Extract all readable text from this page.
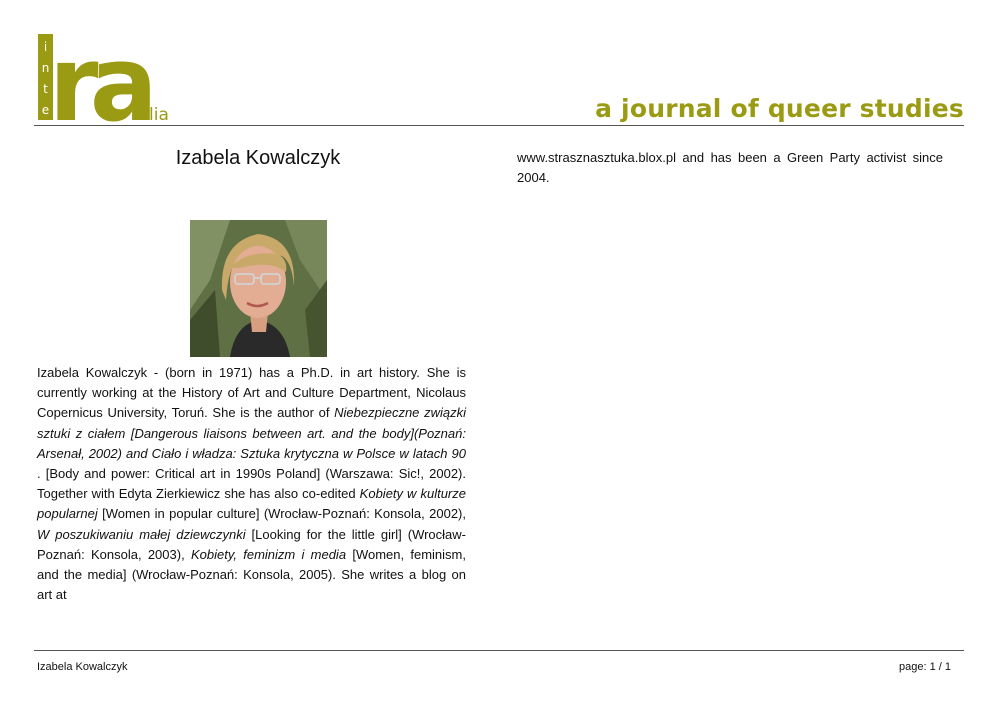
i
n
t
e ra lia	a journal of queer studies
Izabela Kowalczyk

Izabela Kowalczyk - (born in 1971) has a Ph.D. in art history. She is currently working at the History of Art and Culture Department, Nicolaus Copernicus University, Toruń. She is the author of Niebezpieczne związki sztuki z ciałem [Dangerous liaisons between art. and the body](Poznań: Arsenał, 2002) and Ciało i władza: Sztuka krytyczna w Polsce w latach 90 . [Body and power: Critical art in 1990s Poland] (Warszawa: Sic!, 2002). Together with Edyta Zierkiewicz she has also co-edited Kobiety w kulturze popularnej [Women in popular culture] (Wrocław-Poznań: Konsola, 2002), W poszukiwaniu małej dziewczynki [Looking for the little girl] (Wrocław-Poznań: Konsola, 2003), Kobiety, feminizm i media [Women, feminism, and the media] (Wrocław-Poznań: Konsola, 2005). She writes a blog on art at

www.strasznasztuka.blox.pl and has been a Green Party activist since 2004.

Izabela Kowalczyk	page: 1 / 1
